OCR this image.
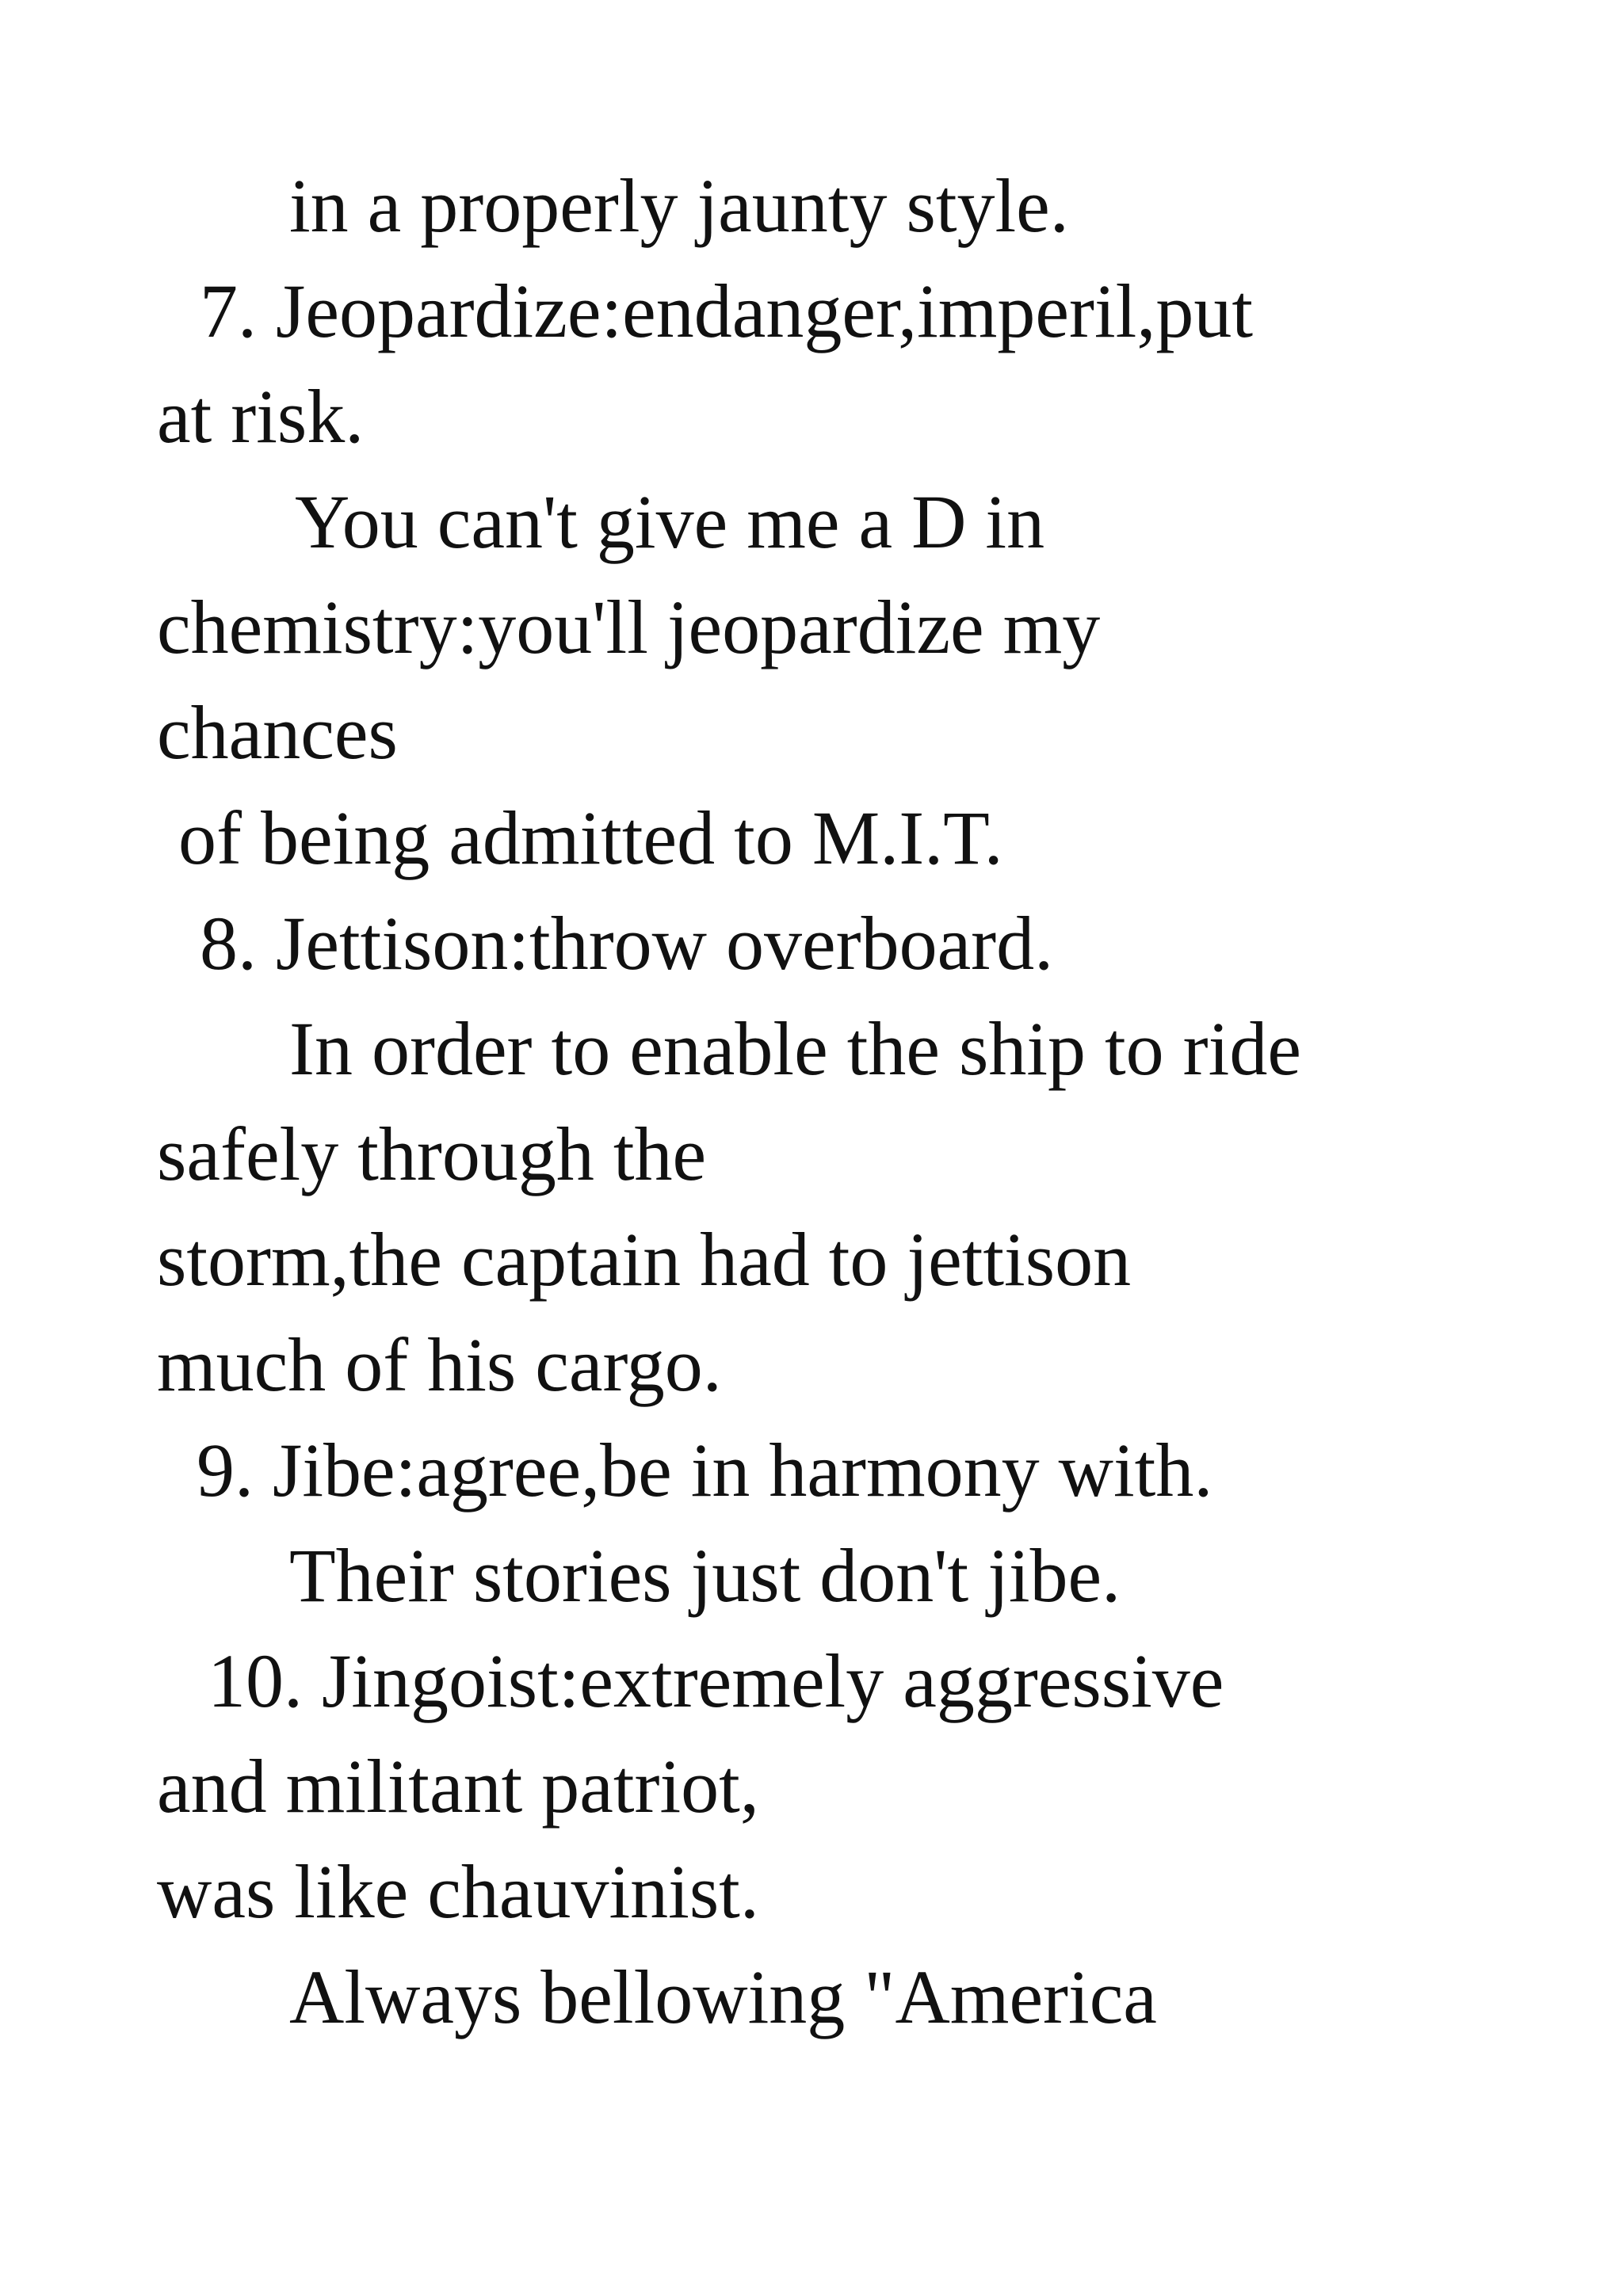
in a properly jaunty style.

7. Jeopardize:endanger,imperil,put

at risk.

You can't give me a D in

chemistry:you'll jeopardize my

chances

of being admitted to M.I.T.

8. Jettison:throw overboard.

In order to enable the ship to ride

safely through the

storm,the captain had to jettison

much of his cargo.

9. Jibe:agree,be in harmony with.

Their stories just don't jibe.

10. Jingoist:extremely aggressive

and militant patriot,

was like chauvinist.

Always bellowing "America
